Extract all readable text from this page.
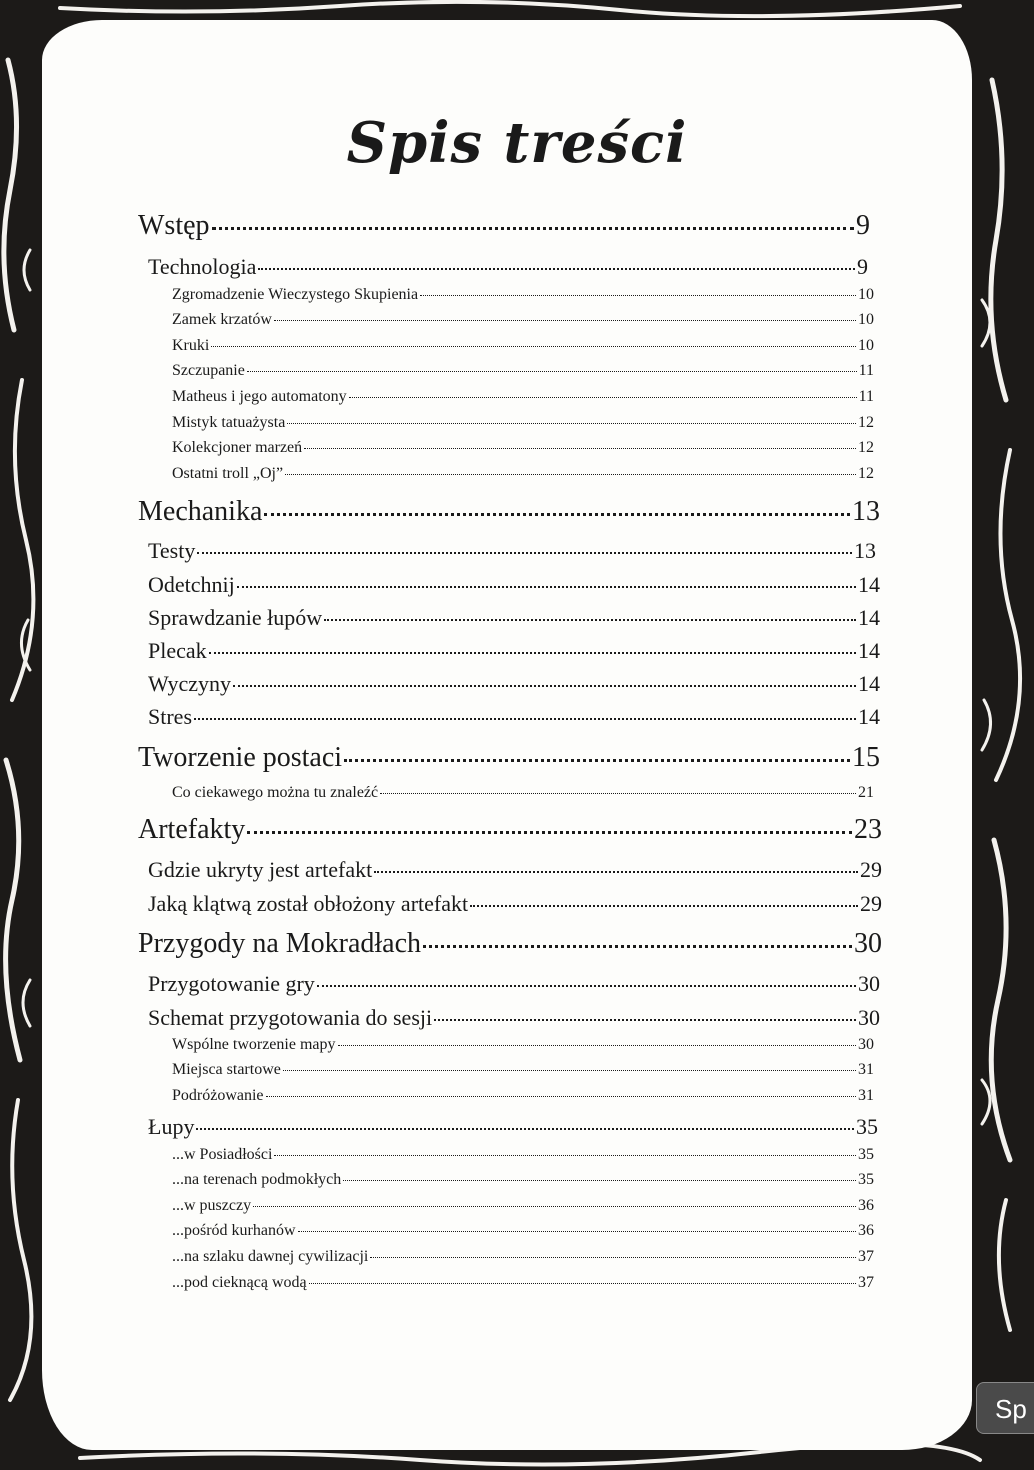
Spis treści
Wstęp	9
Technologia	9
Zgromadzenie Wieczystego Skupienia	10
Zamek krzatów	10
Kruki	10
Szczupanie	11
Matheus i jego automatony	11
Mistyk tatuażysta	12
Kolekcjoner marzeń	12
Ostatni troll „Oj”	12
Mechanika	13
Testy	13
Odetchnij	14
Sprawdzanie łupów	14
Plecak	14
Wyczyny	14
Stres	14
Tworzenie postaci	15
Co ciekawego można tu znaleźć	21
Artefakty	23
Gdzie ukryty jest artefakt	29
Jaką klątwą został obłożony artefakt	29
Przygody na Mokradłach	30
Przygotowanie gry	30
Schemat przygotowania do sesji	30
Wspólne tworzenie mapy	30
Miejsca startowe	31
Podróżowanie	31
Łupy	35
...w Posiadłości	35
...na terenach podmokłych	35
...w puszczy	36
...pośród kurhanów	36
...na szlaku dawnej cywilizacji	37
...pod cieknącą wodą	37
Sp
